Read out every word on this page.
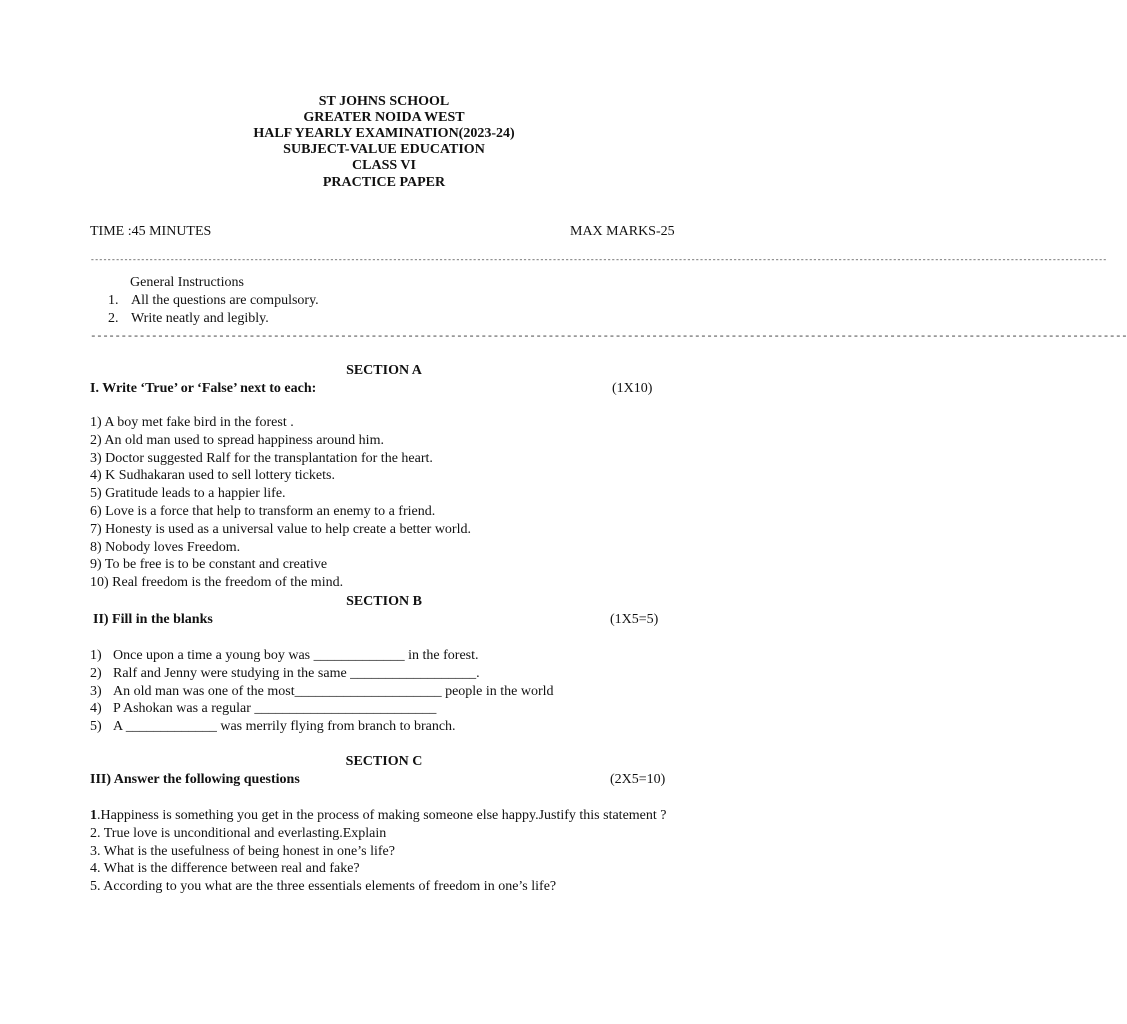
ST JOHNS SCHOOL
GREATER NOIDA WEST
HALF YEARLY EXAMINATION(2023-24)
SUBJECT-VALUE EDUCATION
CLASS VI
PRACTICE PAPER
TIME :45 MINUTES	MAX MARKS-25
--------------------------------------------------------------------------------------------------------------------------------------------------------------------------------------------------------------------------------------------------
General Instructions
1. All the questions are compulsory.
2. Write neatly and legibly.
--------------------------------------------------------------------------------------------------------------------------------------------------------------------------
SECTION A
I. Write ‘True’ or ‘False’ next to each:	(1X10)
1) A boy met fake bird in the forest .
2) An old man used to spread happiness around him.
3) Doctor suggested Ralf for the transplantation for the heart.
4) K Sudhakaran used to sell lottery tickets.
5) Gratitude leads to a happier life.
6) Love is a force that help to transform an enemy to a friend.
7) Honesty is used as a universal value to help create a better world.
8) Nobody loves Freedom.
9) To be free is to be constant and creative
10) Real freedom is the freedom of the mind.
SECTION B
II) Fill in the blanks	(1X5=5)
1) Once upon a time a young boy was _____________ in the forest.
2) Ralf and Jenny were studying in the same __________________.
3) An old man was one of the most_____________________ people in the world
4) P Ashokan was a regular __________________________
5) A _____________ was merrily flying from branch to branch.
SECTION C
III) Answer the following questions	(2X5=10)
1.Happiness is something you get in the process of making someone else happy.Justify this statement ?
2. True love is unconditional and everlasting.Explain
3. What is the usefulness of being honest in one’s life?
4. What is the difference between real and fake?
5. According to you what are the three essentials elements of freedom in one’s life?
